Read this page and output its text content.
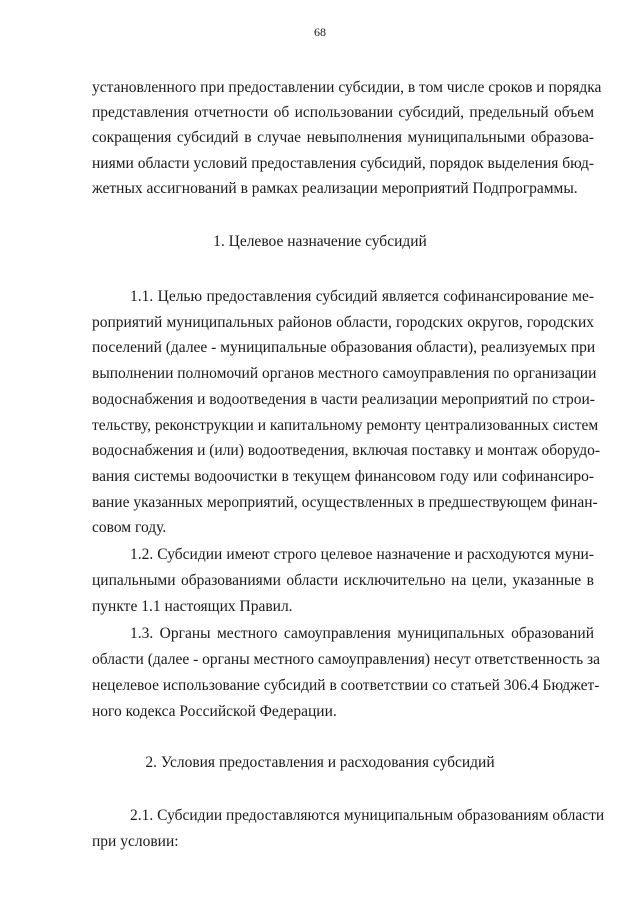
68
установленного при предоставлении субсидии, в том числе сроков и порядка
представления отчетности об использовании субсидий, предельный объем
сокращения субсидий в случае невыполнения муниципальными образова-
ниями области условий предоставления субсидий, порядок выделения бюд-
жетных ассигнований в рамках реализации мероприятий Подпрограммы.
1. Целевое назначение субсидий
1.1. Целью предоставления субсидий является софинансирование ме-
роприятий муниципальных районов области, городских округов, городских
поселений (далее - муниципальные образования области), реализуемых при
выполнении полномочий органов местного самоуправления по организации
водоснабжения и водоотведения в части реализации мероприятий по строи-
тельству, реконструкции и капитальному ремонту централизованных систем
водоснабжения и (или) водоотведения, включая поставку и монтаж оборудо-
вания системы водоочистки в текущем финансовом году или софинансиро-
вание указанных мероприятий, осуществленных в предшествующем финан-
совом году.
1.2. Субсидии имеют строго целевое назначение и расходуются муни-
ципальными образованиями области исключительно на цели, указанные в
пункте 1.1 настоящих Правил.
1.3. Органы местного самоуправления муниципальных образований
области (далее - органы местного самоуправления) несут ответственность за
нецелевое использование субсидий в соответствии со статьей 306.4 Бюджет-
ного кодекса Российской Федерации.
2. Условия предоставления и расходования субсидий
2.1. Субсидии предоставляются муниципальным образованиям области
при условии:
